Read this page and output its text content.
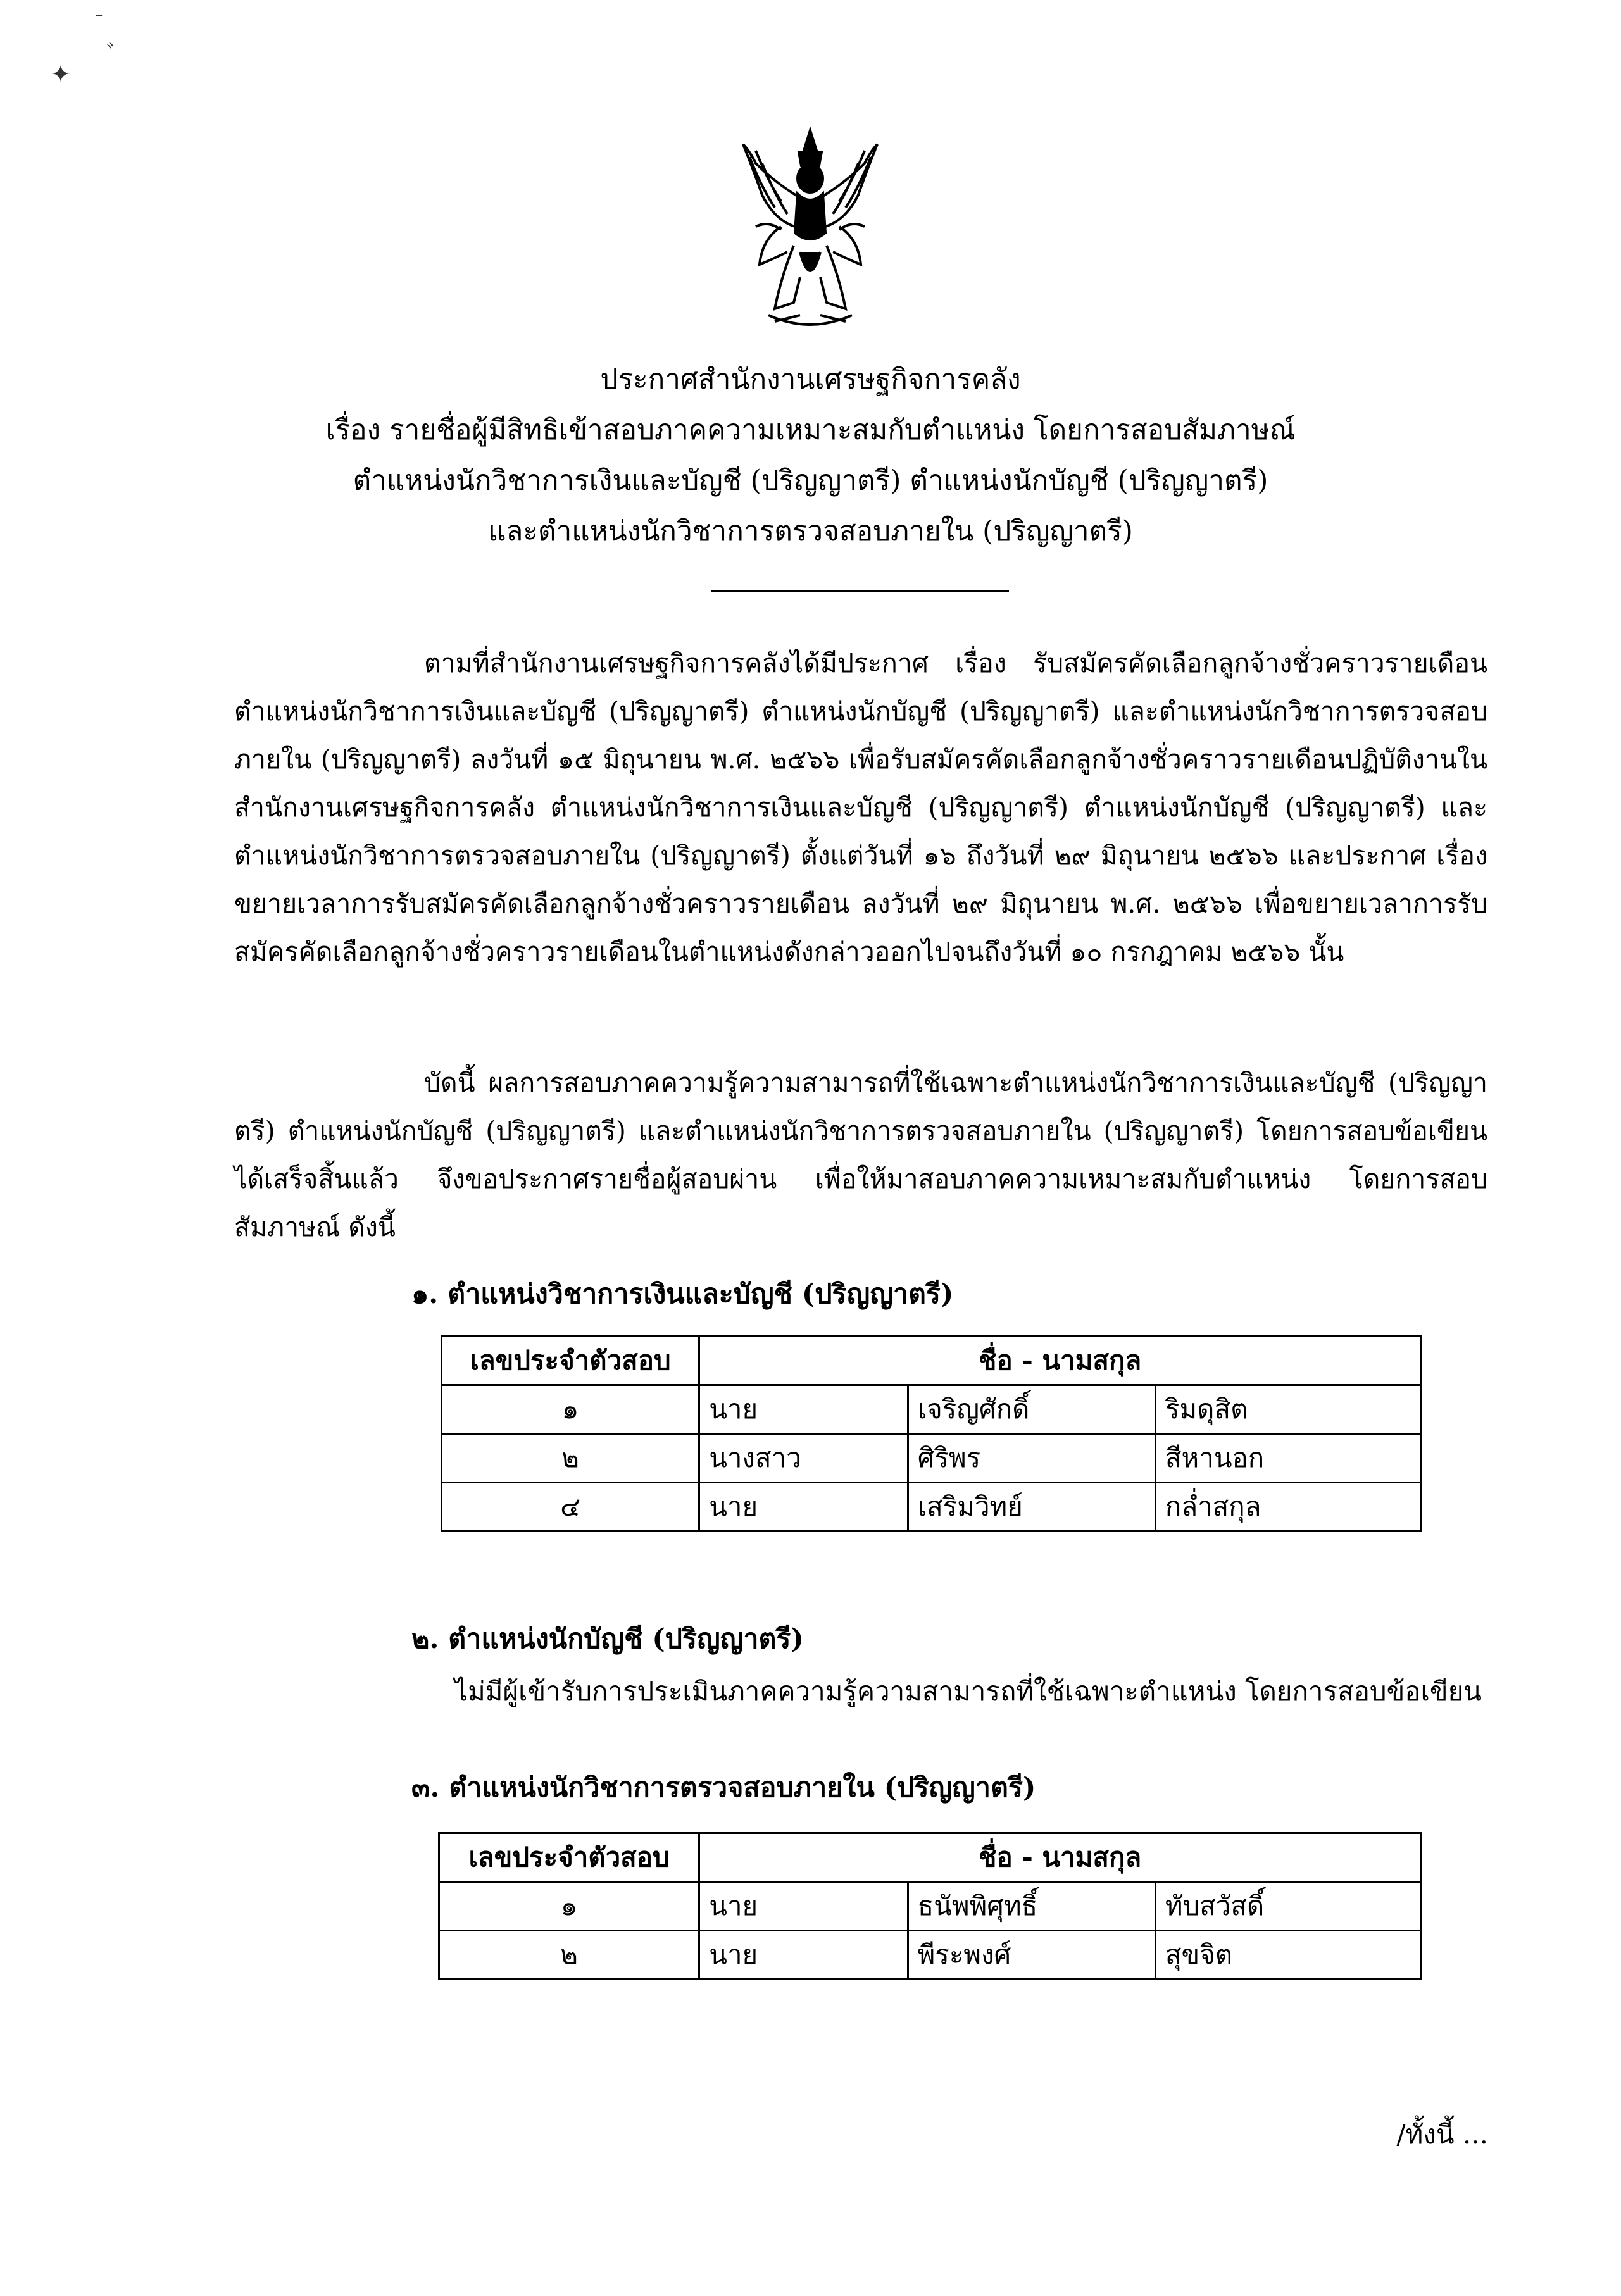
-
✦
ﾞ
ประกาศสำนักงานเศรษฐกิจการคลัง
เรื่อง รายชื่อผู้มีสิทธิเข้าสอบภาคความเหมาะสมกับตำแหน่ง โดยการสอบสัมภาษณ์
ตำแหน่งนักวิชาการเงินและบัญชี (ปริญญาตรี) ตำแหน่งนักบัญชี (ปริญญาตรี)
และตำแหน่งนักวิชาการตรวจสอบภายใน (ปริญญาตรี)
ตามที่สำนักงานเศรษฐกิจการคลังได้มีประกาศ เรื่อง รับสมัครคัดเลือกลูกจ้างชั่วคราวรายเดือน ตำแหน่งนักวิชาการเงินและบัญชี (ปริญญาตรี) ตำแหน่งนักบัญชี (ปริญญาตรี) และตำแหน่งนักวิชาการตรวจสอบภายใน (ปริญญาตรี) ลงวันที่ ๑๕ มิถุนายน พ.ศ. ๒๕๖๖ เพื่อรับสมัครคัดเลือกลูกจ้างชั่วคราวรายเดือนปฏิบัติงานในสำนักงานเศรษฐกิจการคลัง ตำแหน่งนักวิชาการเงินและบัญชี (ปริญญาตรี) ตำแหน่งนักบัญชี (ปริญญาตรี) และตำแหน่งนักวิชาการตรวจสอบภายใน (ปริญญาตรี) ตั้งแต่วันที่ ๑๖ ถึงวันที่ ๒๙ มิถุนายน ๒๕๖๖ และประกาศ เรื่อง ขยายเวลาการรับสมัครคัดเลือกลูกจ้างชั่วคราวรายเดือน ลงวันที่ ๒๙ มิถุนายน พ.ศ. ๒๕๖๖ เพื่อขยายเวลาการรับสมัครคัดเลือกลูกจ้างชั่วคราวรายเดือนในตำแหน่งดังกล่าวออกไปจนถึงวันที่ ๑๐ กรกฎาคม ๒๕๖๖ นั้น
บัดนี้ ผลการสอบภาคความรู้ความสามารถที่ใช้เฉพาะตำแหน่งนักวิชาการเงินและบัญชี (ปริญญาตรี) ตำแหน่งนักบัญชี (ปริญญาตรี) และตำแหน่งนักวิชาการตรวจสอบภายใน (ปริญญาตรี) โดยการสอบข้อเขียนได้เสร็จสิ้นแล้ว จึงขอประกาศรายชื่อผู้สอบผ่าน เพื่อให้มาสอบภาคความเหมาะสมกับตำแหน่ง โดยการสอบสัมภาษณ์ ดังนี้
๑. ตำแหน่งวิชาการเงินและบัญชี (ปริญญาตรี)
เลขประจำตัวสอบ	ชื่อ - นามสกุล		
๑	นาย	เจริญศักดิ์	ริมดุสิต
๒	นางสาว	ศิริพร	สีหานอก
๔	นาย	เสริมวิทย์	กล่ำสกุล
๒. ตำแหน่งนักบัญชี (ปริญญาตรี)
ไม่มีผู้เข้ารับการประเมินภาคความรู้ความสามารถที่ใช้เฉพาะตำแหน่ง โดยการสอบข้อเขียน
๓. ตำแหน่งนักวิชาการตรวจสอบภายใน (ปริญญาตรี)
เลขประจำตัวสอบ	ชื่อ - นามสกุล		
๑	นาย	ธนัพพิศุทธิ์	ทับสวัสดิ์
๒	นาย	พีระพงศ์	สุขจิต
/ทั้งนี้ ...
